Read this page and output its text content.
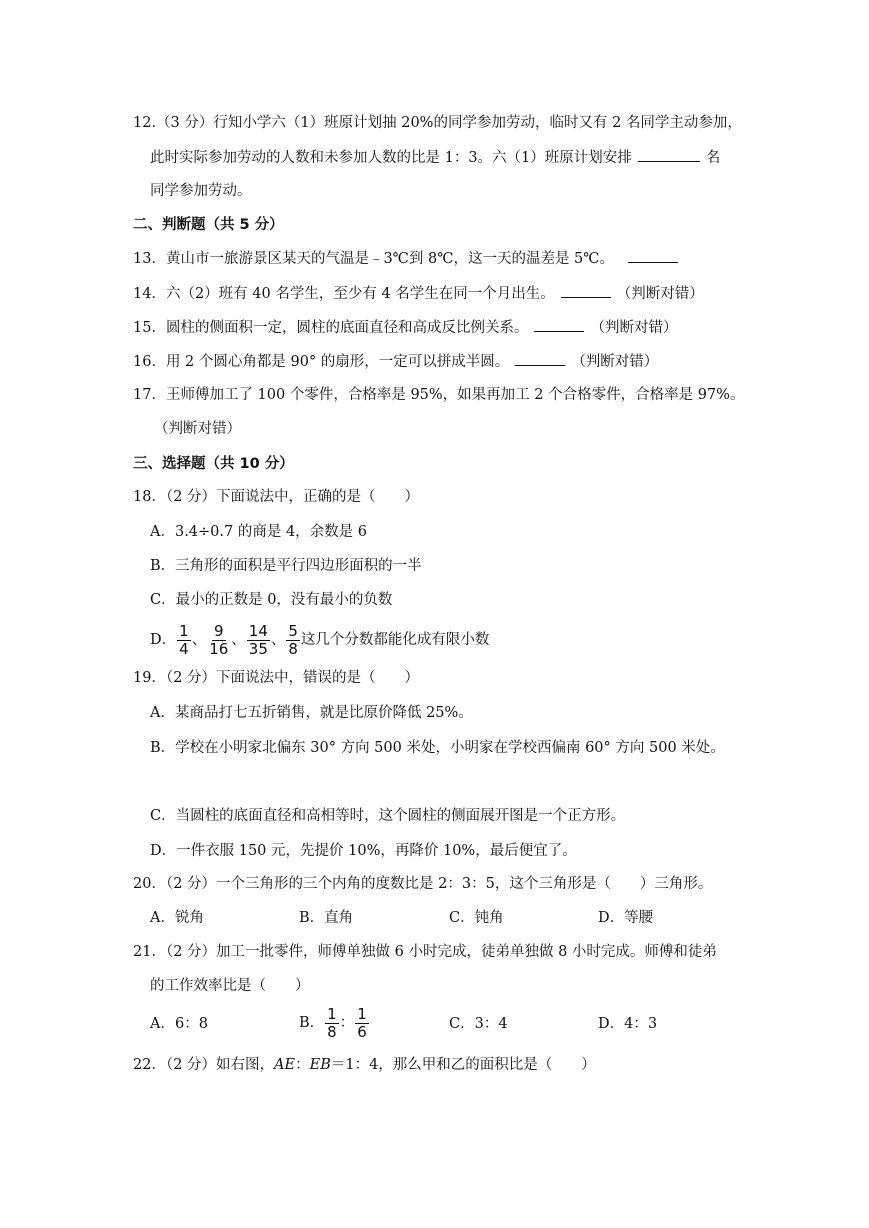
12.（3 分）行知小学六（1）班原计划抽 20%的同学参加劳动，临时又有 2 名同学主动参加，
此时实际参加劳动的人数和未参加人数的比是 1：3。六（1）班原计划安排	名
同学参加劳动。
二、判断题（共 5 分）
13．黄山市一旅游景区某天的气温是﹣3℃到 8℃，这一天的温差是 5℃。
14．六（2）班有 40 名学生，至少有 4 名学生在同一个月出生。	（判断对错）
15．圆柱的侧面积一定，圆柱的底面直径和高成反比例关系。	（判断对错）
16．用 2 个圆心角都是 90° 的扇形，一定可以拼成半圆。	（判断对错）
17．王师傅加工了 100 个零件，合格率是 95%，如果再加工 2 个合格零件，合格率是 97%。
（判断对错）
三、选择题（共 10 分）
18．（2 分）下面说法中，正确的是（　　）
A．3.4÷0.7 的商是 4，余数是 6
B．三角形的面积是平行四边形面积的一半
C．最小的正数是 0，没有最小的负数
D． $\frac{1}{4}$ 、 $\frac{9}{16}$ 、 $\frac{14}{35}$ 、 $\frac{5}{8}$ 这几个分数都能化成有限小数
19．（2 分）下面说法中，错误的是（　　）
A．某商品打七五折销售，就是比原价降低 25%。
B．学校在小明家北偏东 30° 方向 500 米处，小明家在学校西偏南 60° 方向 500 米处。
C．当圆柱的底面直径和高相等时，这个圆柱的侧面展开图是一个正方形。
D．一件衣服 150 元，先提价 10%，再降价 10%，最后便宜了。
20．（2 分）一个三角形的三个内角的度数比是 2：3：5，这个三角形是（　　）三角形。
A．锐角	B．直角	C．钝角	D．等腰
21．（2 分）加工一批零件，师傅单独做 6 小时完成，徒弟单独做 8 小时完成。师傅和徒弟
的工作效率比是（　　）
A．6：8	B． $\frac{1}{8}$ ： $\frac{1}{6}$	C．3：4	D．4：3
22．（2 分）如右图，AE：EB＝1：4，那么甲和乙的面积比是（　　）
